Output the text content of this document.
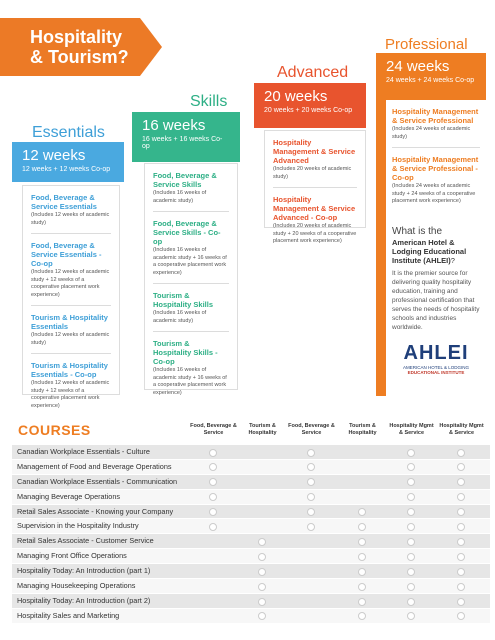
Hospitality
& Tourism?
Essentials
12 weeks
12 weeks + 12 weeks Co-op
Food, Beverage & Service Essentials
(Includes 12 weeks of academic study)
Food, Beverage & Service Essentials - Co-op
(Includes 12 weeks of academic study + 12 weeks of a cooperative placement work experience)
Tourism & Hospitality Essentials
(Includes 12 weeks of academic study)
Tourism & Hospitality Essentials - Co-op
(Includes 12 weeks of academic study + 12 weeks of a cooperative placement work experience)
Skills
16 weeks
16 weeks + 16 weeks Co-op
Food, Beverage & Service Skills
(Includes 16 weeks of academic study)
Food, Beverage & Service Skills - Co-op
(Includes 16 weeks of academic study + 16 weeks of a cooperative placement work experience)
Tourism & Hospitality Skills
(Includes 16 weeks of academic study)
Tourism & Hospitality Skills - Co-op
(Includes 16 weeks of academic study + 16 weeks of a cooperative placement work experience)
Advanced
20 weeks
20 weeks + 20 weeks Co-op
Hospitality Management & Service Advanced
(Includes 20 weeks of academic study)
Hospitality Management & Service Advanced - Co-op
(Includes 20 weeks of academic study + 20 weeks of a cooperative placement work experience)
Professional
24 weeks
24 weeks + 24 weeks Co-op
Hospitality Management & Service Professional
(Includes 24 weeks of academic study)
Hospitality Management & Service Professional - Co-op
(Includes 24 weeks of academic study + 24 weeks of a cooperative placement work experience)
What is the
American Hotel & Lodging Educational Institute (AHLEI)?
It is the premier source for delivering quality hospitality education, training and professional certification that serves the needs of hospitality schools and industries worldwide.
AHLEI
AMERICAN HOTEL & LODGING
EDUCATIONAL INSTITUTE
COURSES	Food, Beverage & Service
Tourism & Hospitality
Food, Beverage & Service
Tourism & Hospitality
Hospitality Mgmt & Service
Hospitality Mgmt & Service
Canadian Workplace Essentials - Culture
Management of Food and Beverage Operations
Canadian Workplace Essentials - Communication
Managing Beverage Operations
Retail Sales Associate - Knowing your Company
Supervision in the Hospitality Industry
Retail Sales Associate - Customer Service
Managing Front Office Operations
Hospitality Today: An Introduction (part 1)
Managing Housekeeping Operations
Hospitality Today: An Introduction (part 2)
Hospitality Sales and Marketing
